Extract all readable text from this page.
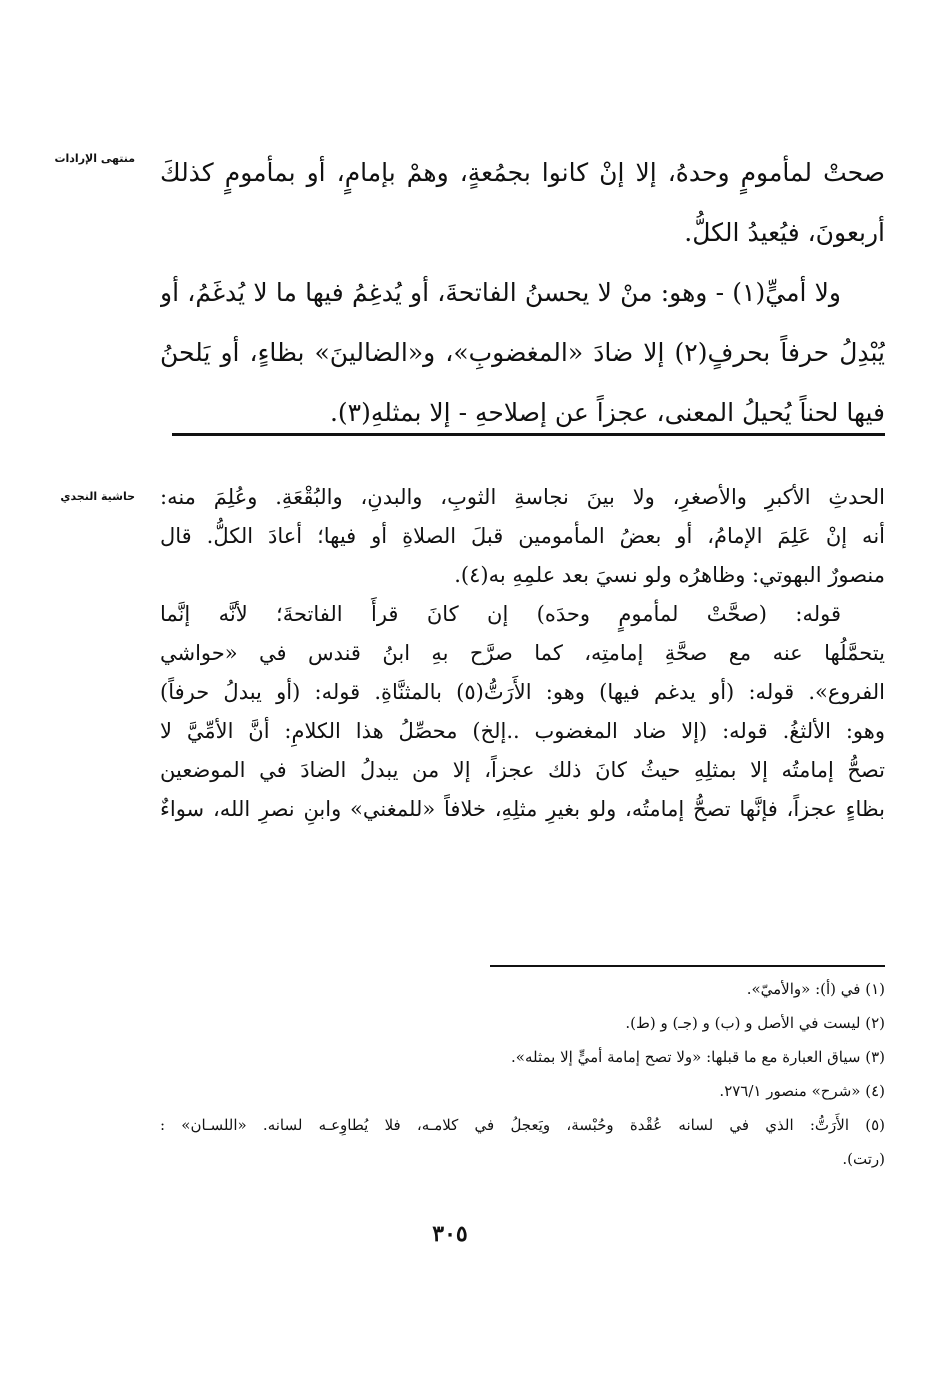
منتهى الإرادات صحتْ لمأمومٍ وحدهُ، إلا إنْ كانوا بجمُعةٍ، وهمْ بإمامٍ، أو بمأمومٍ كذلكَ
أربعونَ، فيُعيدُ الكلُّ.
ولا أميٍّ(١) - وهو: منْ لا يحسنُ الفاتحةَ، أو يُدغِمُ فيها ما لا يُدغَمُ، أو
يُبْدِلُ حرفاً بحرفٍ(٢) إلا ضادَ «المغضوبِ»، و«الضالينَ» بظاءٍ، أو يَلحنُ
فيها لحناً يُحيلُ المعنى، عجزاً عن إصلاحهِ - إلا بمثلهِ(٣).
حاشية النجدي الحدثِ الأكبرِ والأصغرِ، ولا بينَ نجاسةِ الثوبِ، والبدنِ، والبُقْعَةِ. وعُلِمَ منه:
أنه إنْ عَلِمَ الإمامُ، أو بعضُ المأمومين قبلَ الصلاةِ أو فيها؛ أعادَ الكلُّ. قال
منصورٌ البهوتي: وظاهرُه ولو نسيَ بعد علمِهِ به(٤).
قوله: (صحَّتْ لمأمومٍ وحدَه) إن كانَ قرأَ الفاتحةَ؛ لأنَّه إنَّما
يتحمَّلُها عنه مع صحَّةِ إمامتِه، كما صرَّح بهِ ابنُ قندس في «حواشي
الفروع». قوله: (أو يدغم فيها) وهو: الأَرَتُّ(٥) بالمثنَّاةِ. قوله: (أو يبدلُ حرفاً)
وهو: الألثغُ. قوله: (إلا ضاد المغضوب ..إلخ) محصِّلُ هذا الكلامِ: أنَّ الأمِّيَّ لا
تصحُّ إمامتُه إلا بمثلِهِ حيثُ كانَ ذلك عجزاً، إلا من يبدلُ الضادَ في الموضعين
بظاءٍ عجزاً، فإنَّها تصحُّ إمامتُه، ولو بغيرِ مثلِهِ، خلافاً «للمغني» وابنِ نصرِ الله، سواءٌ
(١) في (أ): «والأميّ».
(٢) ليست في الأصل و (ب) و (جـ) و (ط).
(٣) سياق العبارة مع ما قبلها: «ولا تصح إمامة أميٍّ إلا بمثله».
(٤) «شرح» منصور ٢٧٦/١.
(٥) الأَرَتُّ: الذي في لسانه عُقْدة وحُبْسة، ويَعجلُ في كلامـه، فلا يُطاوِعـه لسانه. «اللسـان» :
(رتت).
٣٠٥
